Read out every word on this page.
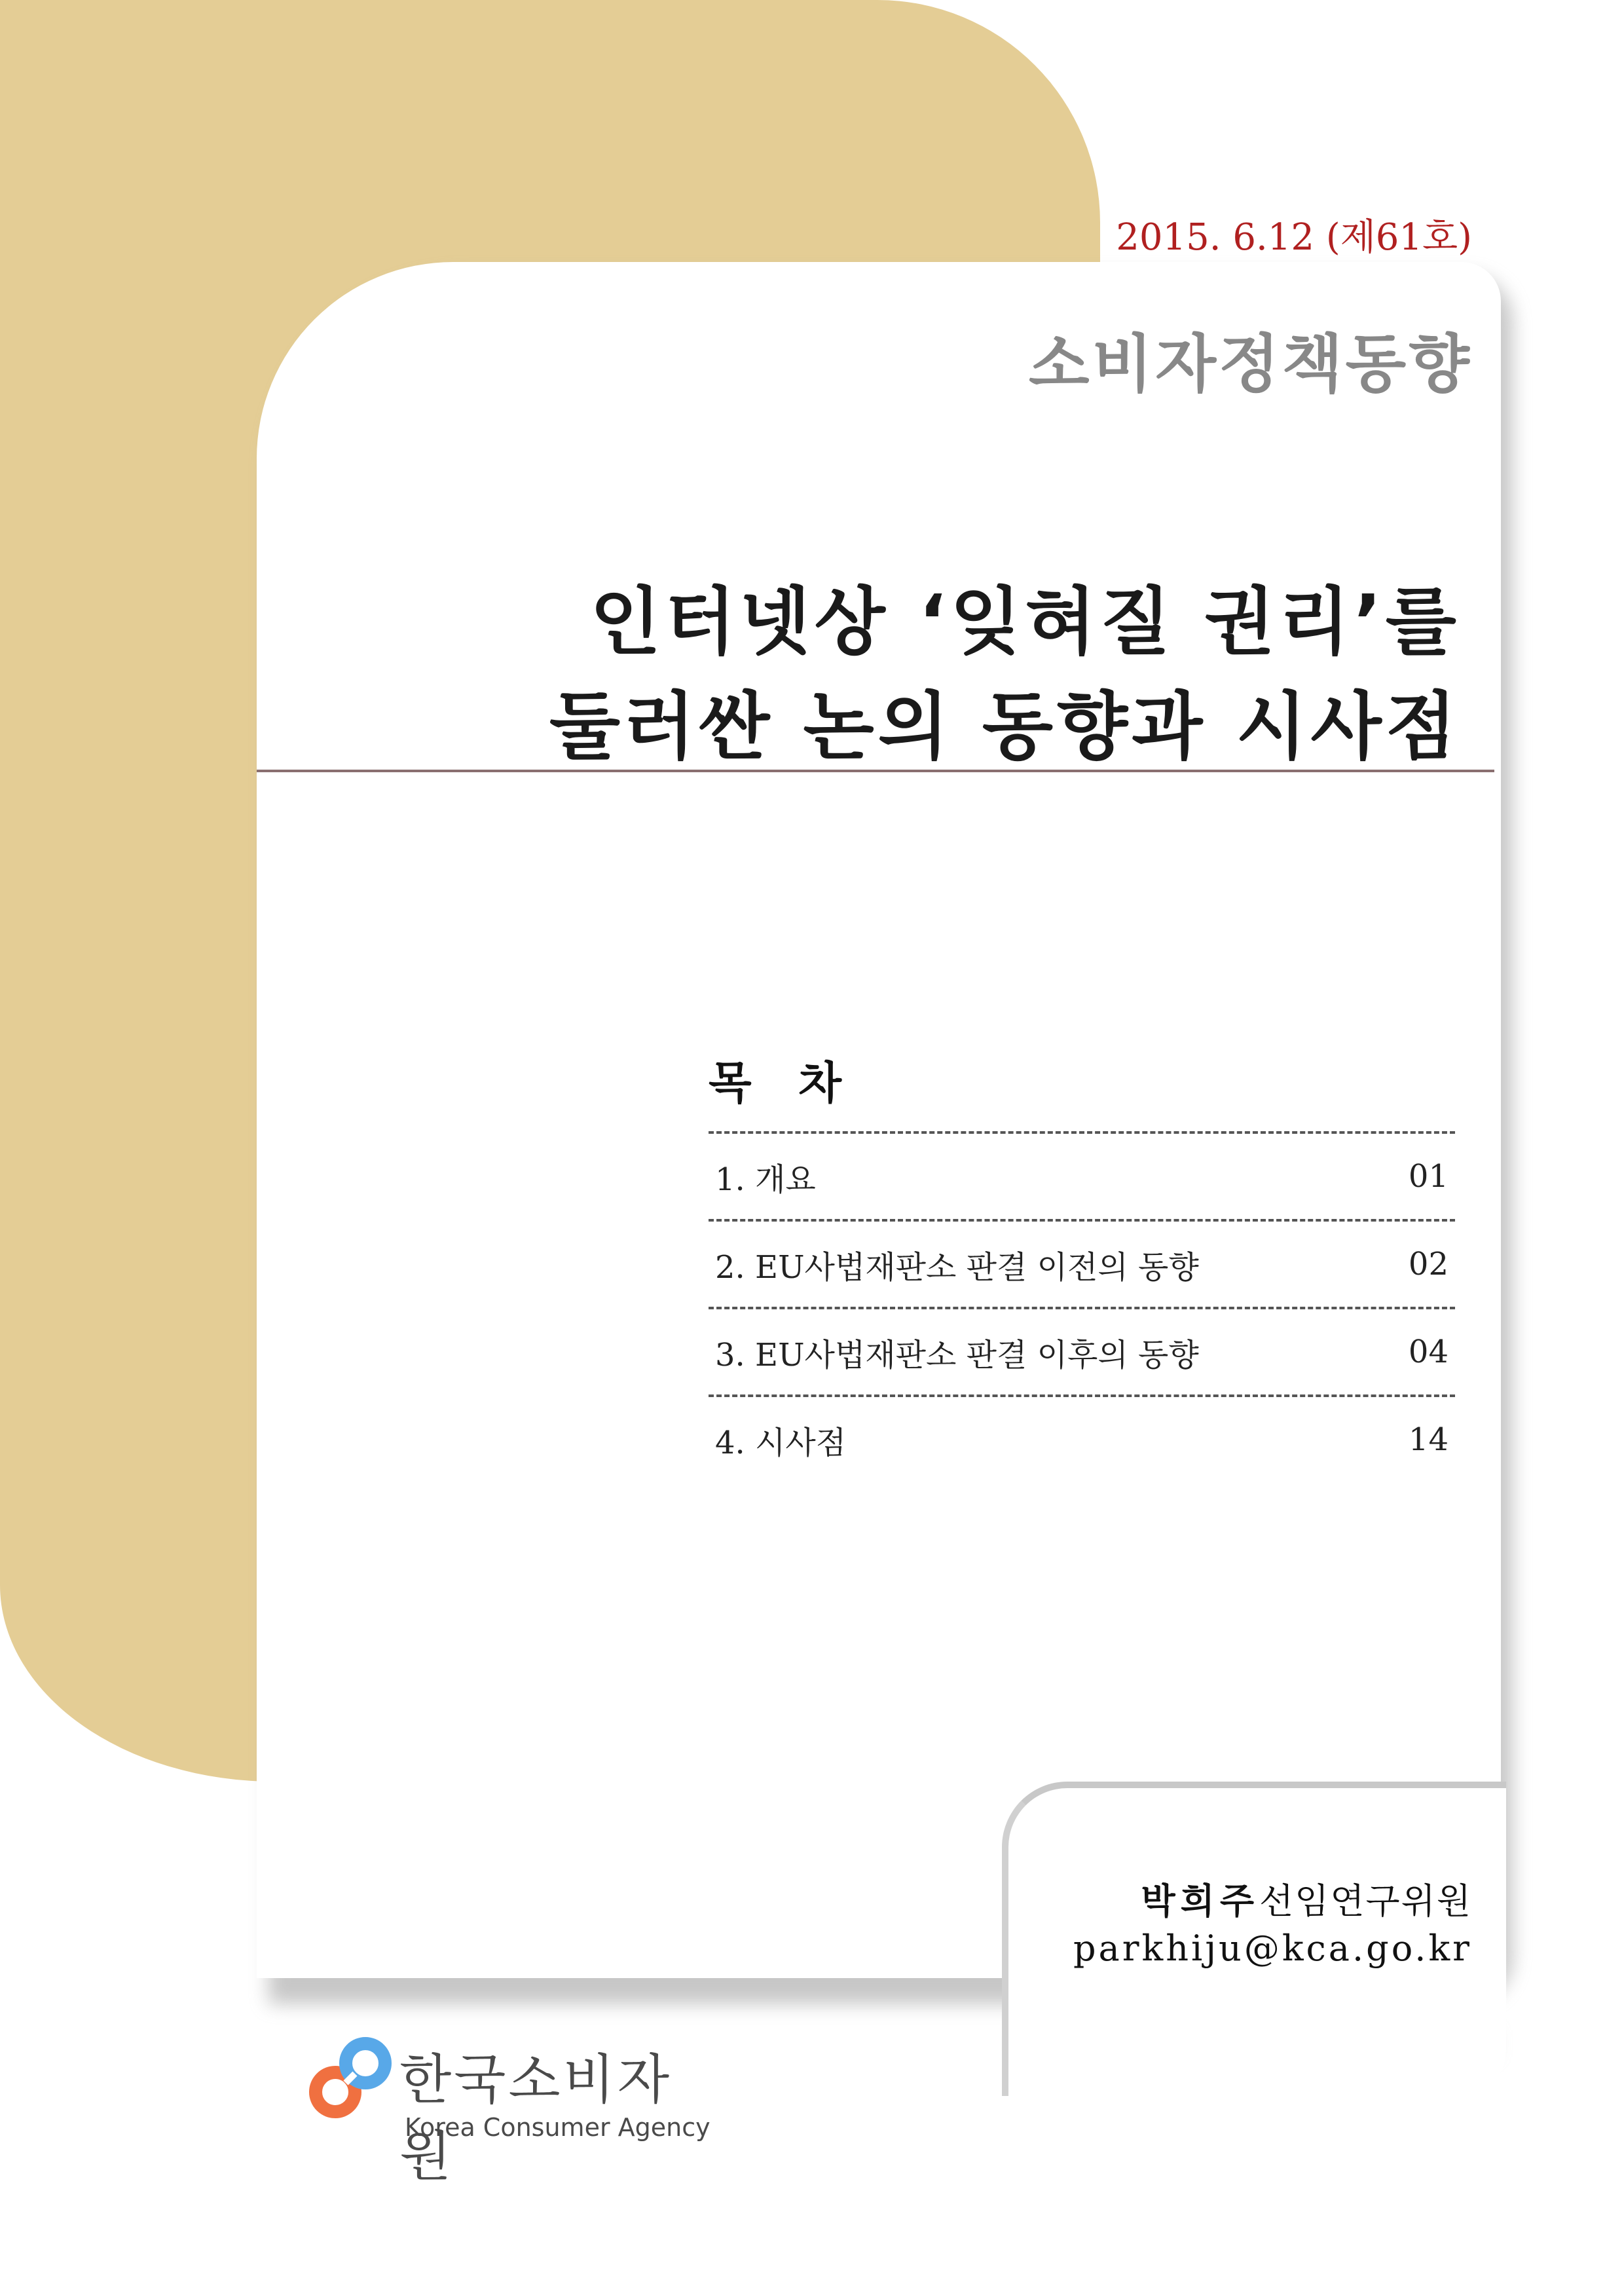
2015. 6.12 (제61호)
소비자정책동향
인터넷상 ‘잊혀질 권리’를
둘러싼 논의 동향과 시사점
목 차
1. 개요	01
2. EU사법재판소 판결 이전의 동향	02
3. EU사법재판소 판결 이후의 동향	04
4. 시사점	14
박희주선임연구위원
parkhiju@kca.go.kr
한국소비자원
Korea Consumer Agency
